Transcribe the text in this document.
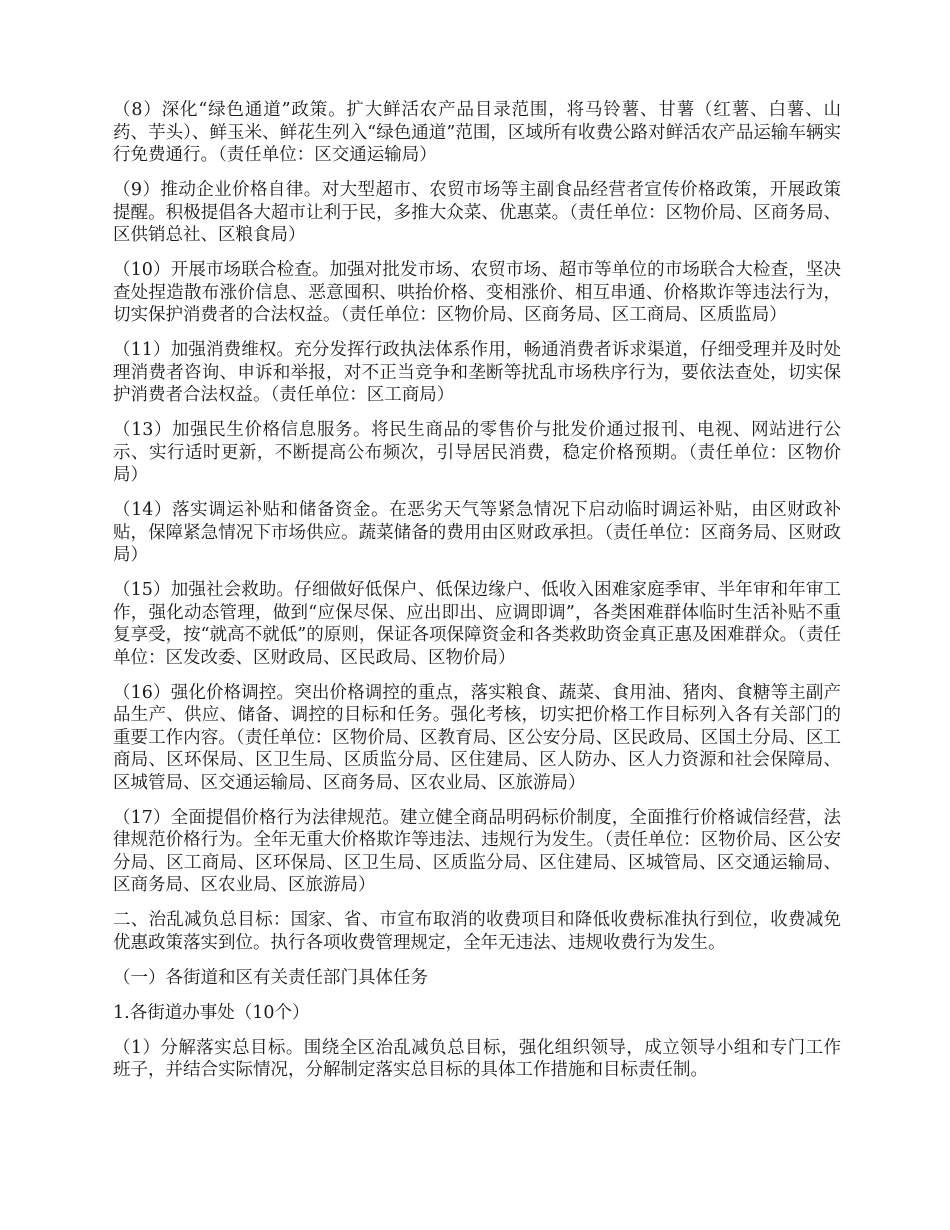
（8）深化“绿色通道”政策。扩大鲜活农产品目录范围，将马铃薯、甘薯（红薯、白薯、山药、芋头）、鲜玉米、鲜花生列入“绿色通道”范围，区域所有收费公路对鲜活农产品运输车辆实行免费通行。（责任单位：区交通运输局）

（9）推动企业价格自律。对大型超市、农贸市场等主副食品经营者宣传价格政策，开展政策提醒。积极提倡各大超市让利于民，多推大众菜、优惠菜。（责任单位：区物价局、区商务局、区供销总社、区粮食局）

（10）开展市场联合检查。加强对批发市场、农贸市场、超市等单位的市场联合大检查，坚决查处捏造散布涨价信息、恶意囤积、哄抬价格、变相涨价、相互串通、价格欺诈等违法行为，切实保护消费者的合法权益。（责任单位：区物价局、区商务局、区工商局、区质监局）

（11）加强消费维权。充分发挥行政执法体系作用，畅通消费者诉求渠道，仔细受理并及时处理消费者咨询、申诉和举报，对不正当竞争和垄断等扰乱市场秩序行为，要依法查处，切实保护消费者合法权益。（责任单位：区工商局）

（13）加强民生价格信息服务。将民生商品的零售价与批发价通过报刊、电视、网站进行公示、实行适时更新，不断提高公布频次，引导居民消费，稳定价格预期。（责任单位：区物价局）

（14）落实调运补贴和储备资金。在恶劣天气等紧急情况下启动临时调运补贴，由区财政补贴，保障紧急情况下市场供应。蔬菜储备的费用由区财政承担。（责任单位：区商务局、区财政局）

（15）加强社会救助。仔细做好低保户、低保边缘户、低收入困难家庭季审、半年审和年审工作，强化动态管理，做到“应保尽保、应出即出、应调即调”，各类困难群体临时生活补贴不重复享受，按“就高不就低”的原则，保证各项保障资金和各类救助资金真正惠及困难群众。（责任单位：区发改委、区财政局、区民政局、区物价局）

（16）强化价格调控。突出价格调控的重点，落实粮食、蔬菜、食用油、猪肉、食糖等主副产品生产、供应、储备、调控的目标和任务。强化考核，切实把价格工作目标列入各有关部门的重要工作内容。（责任单位：区物价局、区教育局、区公安分局、区民政局、区国土分局、区工商局、区环保局、区卫生局、区质监分局、区住建局、区人防办、区人力资源和社会保障局、区城管局、区交通运输局、区商务局、区农业局、区旅游局）

（17）全面提倡价格行为法律规范。建立健全商品明码标价制度，全面推行价格诚信经营，法律规范价格行为。全年无重大价格欺诈等违法、违规行为发生。（责任单位：区物价局、区公安分局、区工商局、区环保局、区卫生局、区质监分局、区住建局、区城管局、区交通运输局、区商务局、区农业局、区旅游局）

二、治乱减负总目标：国家、省、市宣布取消的收费项目和降低收费标准执行到位，收费减免优惠政策落实到位。执行各项收费管理规定，全年无违法、违规收费行为发生。

（一）各街道和区有关责任部门具体任务

1.各街道办事处（10个）

（1）分解落实总目标。围绕全区治乱减负总目标，强化组织领导，成立领导小组和专门工作班子，并结合实际情况，分解制定落实总目标的具体工作措施和目标责任制。
